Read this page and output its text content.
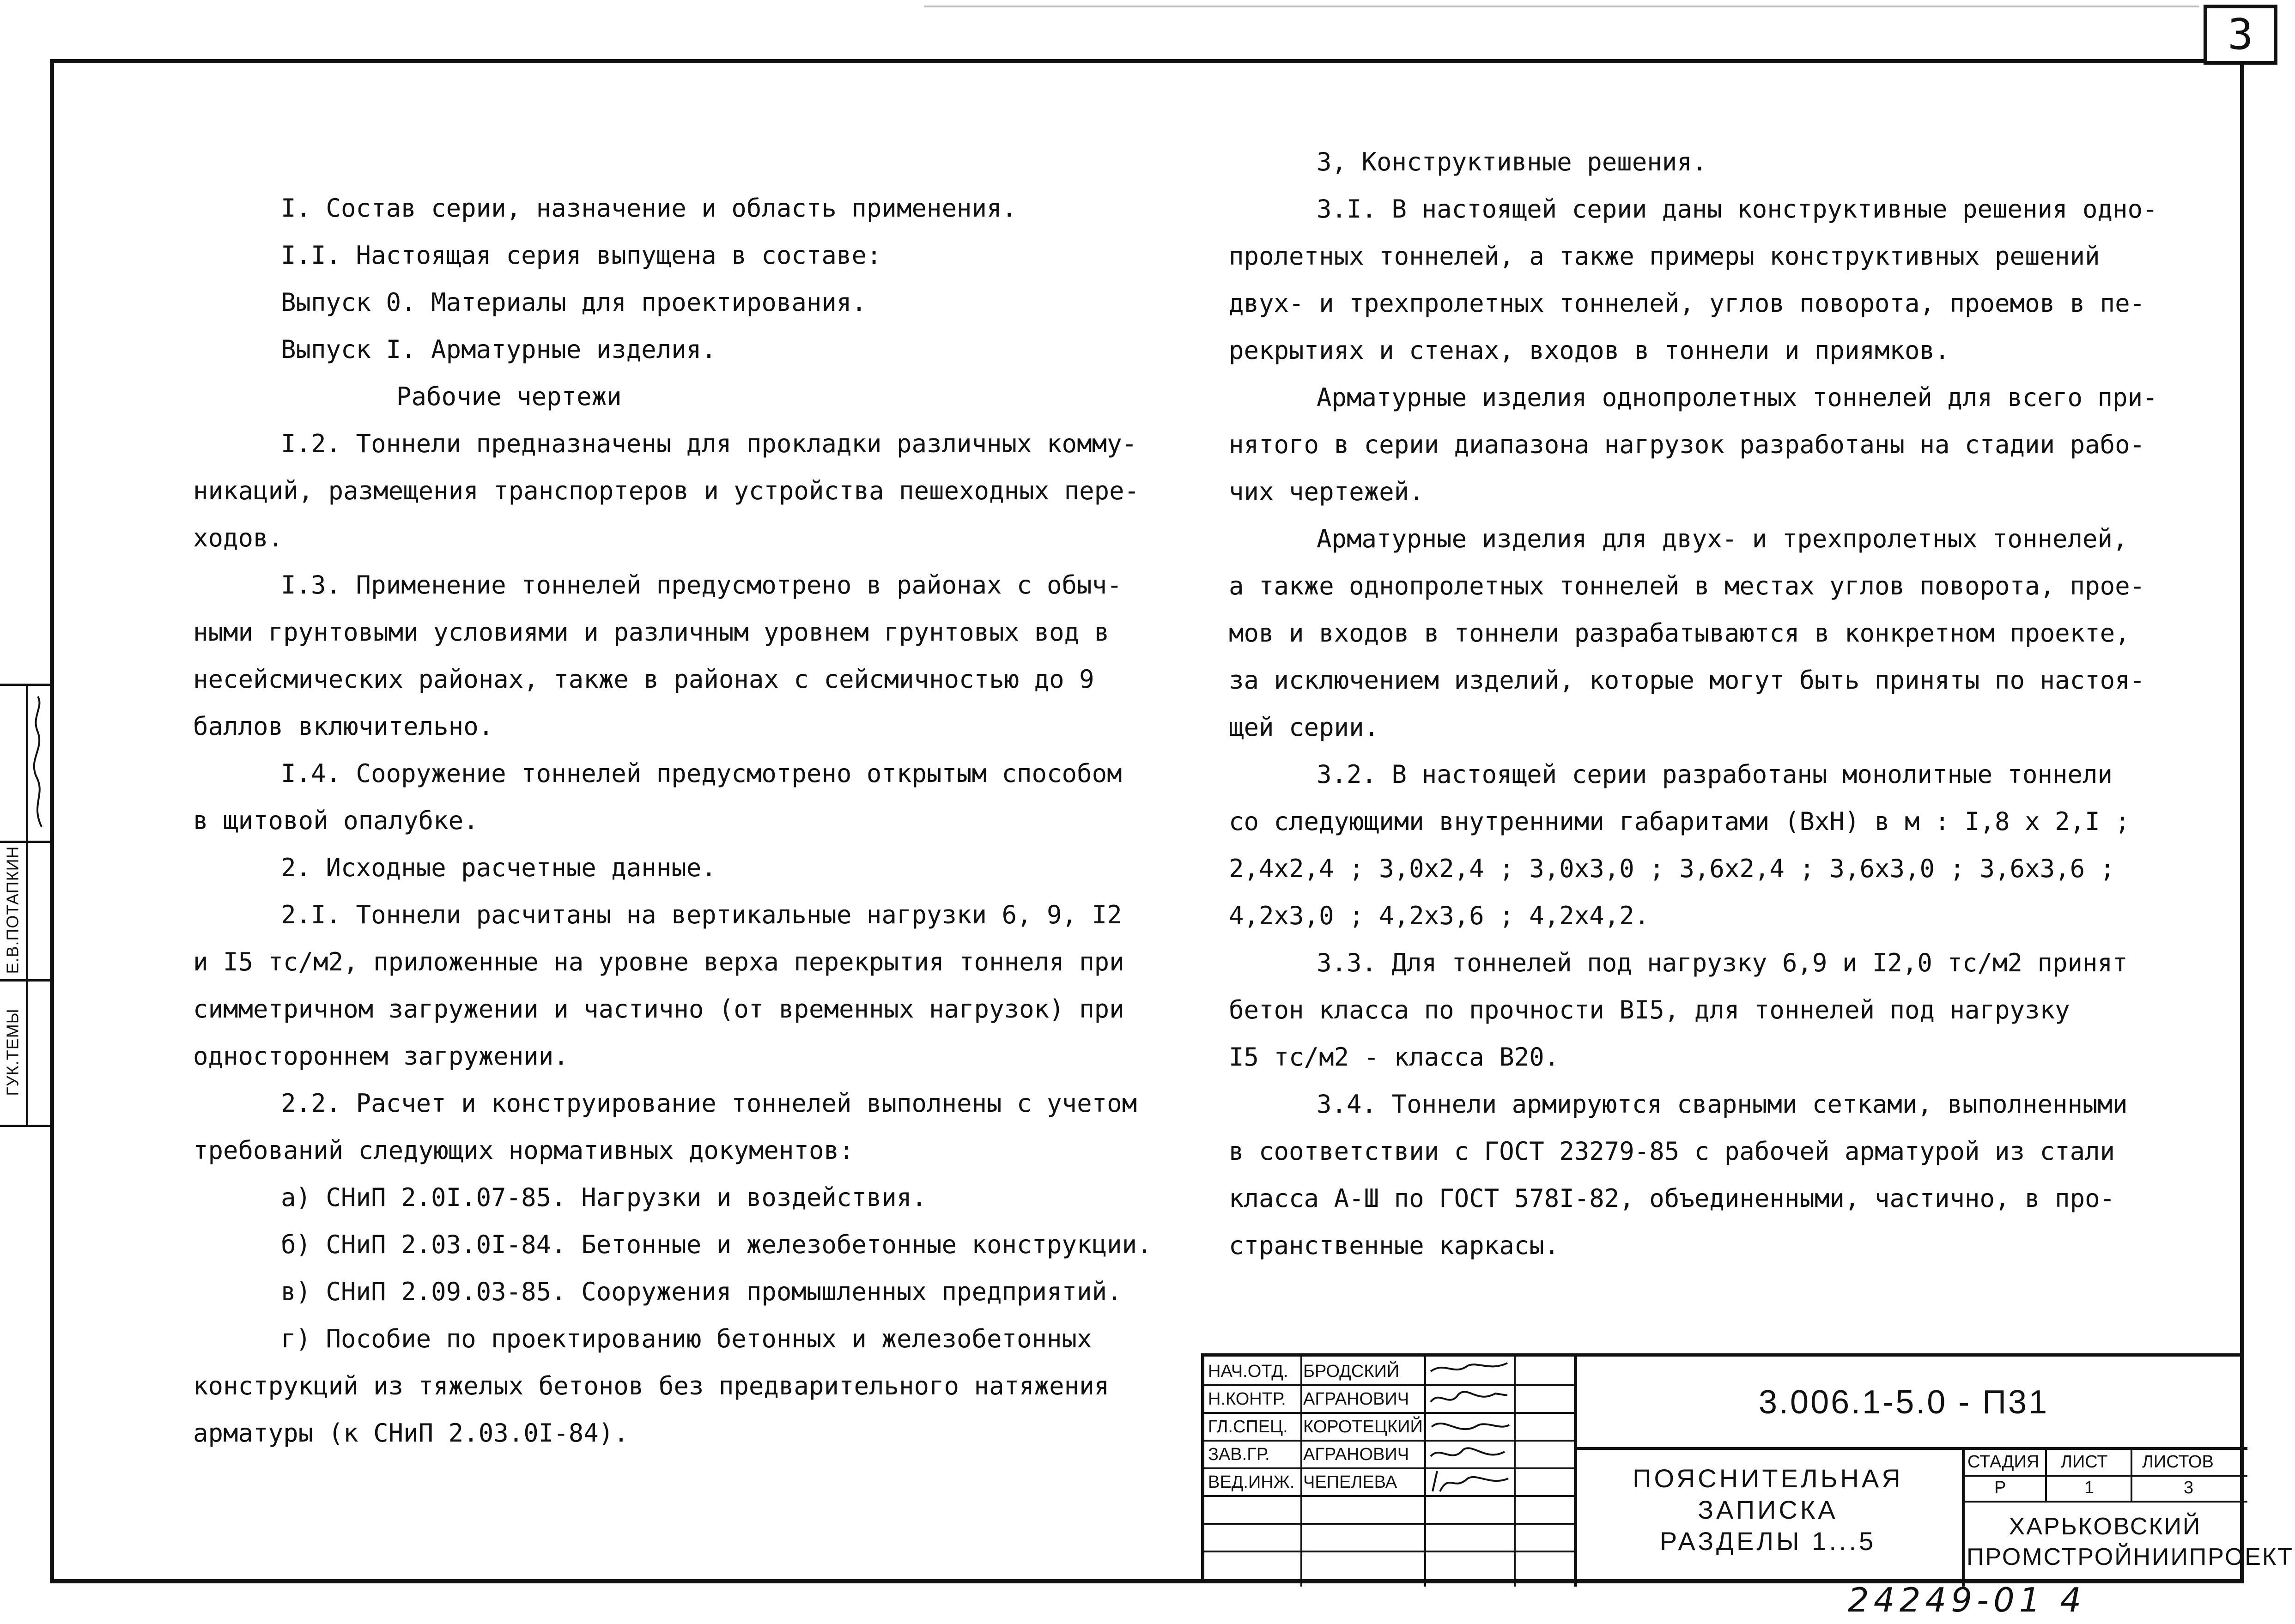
3
ГУК.ТЕМЫ
Е.В.ПОТАПКИН
I. Состав серии, назначение и область применения.
I.I. Настоящая серия выпущена в составе:
Выпуск 0. Материалы для проектирования.
Выпуск I. Арматурные изделия.
Рабочие чертежи
I.2. Тоннели предназначены для прокладки различных комму-
никаций, размещения транспортеров и устройства пешеходных пере-
ходов.
I.3. Применение тоннелей предусмотрено в районах с обыч-
ными грунтовыми условиями и различным уровнем грунтовых вод в
несейсмических районах, также в районах с сейсмичностью до 9
баллов включительно.
I.4. Сооружение тоннелей предусмотрено открытым способом
в щитовой опалубке.
2. Исходные расчетные данные.
2.I. Тоннели расчитаны на вертикальные нагрузки 6, 9, I2
и I5 тс/м2, приложенные на уровне верха перекрытия тоннеля при
симметричном загружении и частично (от временных нагрузок) при
одностороннем загружении.
2.2. Расчет и конструирование тоннелей выполнены с учетом
требований следующих нормативных документов:
а) СНиП 2.0I.07-85. Нагрузки и воздействия.
б) СНиП 2.03.0I-84. Бетонные и железобетонные конструкции.
в) СНиП 2.09.03-85. Сооружения промышленных предприятий.
г) Пособие по проектированию бетонных и железобетонных
конструкций из тяжелых бетонов без предварительного натяжения
арматуры (к СНиП 2.03.0I-84).
3, Конструктивные решения.
3.I. В настоящей серии даны конструктивные решения одно-
пролетных тоннелей, а также примеры конструктивных решений
двух- и трехпролетных тоннелей, углов поворота, проемов в пе-
рекрытиях и стенах, входов в тоннели и приямков.
Арматурные изделия однопролетных тоннелей для всего при-
нятого в серии диапазона нагрузок разработаны на стадии рабо-
чих чертежей.
Арматурные изделия для двух- и трехпролетных тоннелей,
а также однопролетных тоннелей в местах углов поворота, прое-
мов и входов в тоннели разрабатываются в конкретном проекте,
за исключением изделий, которые могут быть приняты по настоя-
щей серии.
3.2. В настоящей серии разработаны монолитные тоннели
со следующими внутренними габаритами (ВхН) в м : I,8 х 2,I ;
2,4х2,4 ; 3,0х2,4 ; 3,0х3,0 ; 3,6х2,4 ; 3,6х3,0 ; 3,6х3,6 ;
4,2х3,0 ; 4,2х3,6 ; 4,2х4,2.
3.3. Для тоннелей под нагрузку 6,9 и I2,0 тс/м2 принят
бетон класса по прочности BI5, для тоннелей под нагрузку
I5 тс/м2 - класса В20.
3.4. Тоннели армируются сварными сетками, выполненными
в соответствии с ГОСТ 23279-85 с рабочей арматурой из стали
класса А-Ш по ГОСТ 578I-82, объединенными, частично, в про-
странственные каркасы.
НАЧ.ОТД.
Н.КОНТР.
ГЛ.СПЕЦ.
ЗАВ.ГР.
ВЕД.ИНЖ.
БРОДСКИЙ
АГРАНОВИЧ
КОРОТЕЦКИЙ
АГРАНОВИЧ
ЧЕПЕЛЕВА
3.006.1-5.0 - П31
ПОЯСНИТЕЛЬНАЯ
ЗАПИСКА
РАЗДЕЛЫ 1...5
СТАДИЯ ЛИСТ ЛИСТОВ
Р	1	3
ХАРЬКОВСКИЙ
ПРОМСТРОЙНИИПРОЕКТ
24249-01 4
